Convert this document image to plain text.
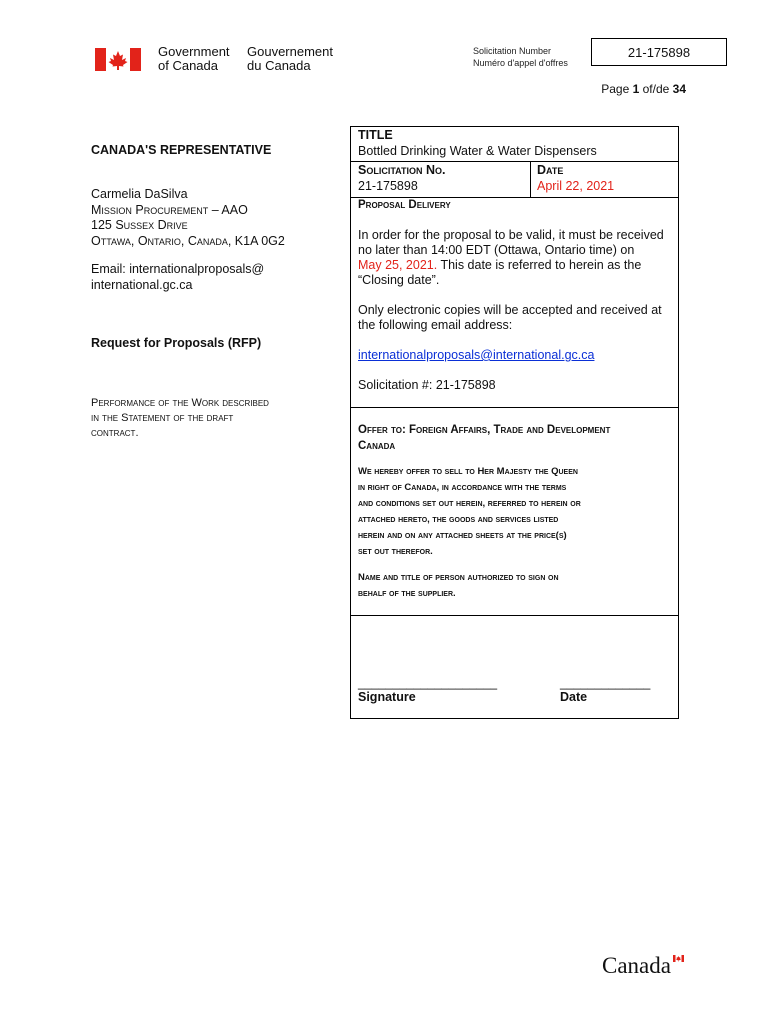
Government
of Canada
Gouvernement
du Canada
Solicitation Number
Numéro d'appel d'offres
21-175898
Page 1 of/de 34
CANADA'S REPRESENTATIVE
Carmelia DaSilva
Mission Procurement – AAO
125 Sussex Drive
Ottawa, Ontario, Canada, K1A 0G2
Email: internationalproposals@
international.gc.ca
Request for Proposals (RFP)
Performance of the Work described
in the Statement of the draft
contract.
TITLE
Bottled Drinking Water & Water Dispensers
Solicitation No.
21-175898
Date
April 22, 2021
Proposal Delivery
In order for the proposal to be valid, it must be received
no later than 14:00 EDT (Ottawa, Ontario time) on
May 25, 2021. This date is referred to herein as the
“Closing date”.
Only electronic copies will be accepted and received at
the following email address:
internationalproposals@international.gc.ca
Solicitation #: 21-175898
Offer to: Foreign Affairs, Trade and Development
Canada
We hereby offer to sell to Her Majesty the Queen
in right of Canada, in accordance with the terms
and conditions set out herein, referred to herein or
attached hereto, the goods and services listed
herein and on any attached sheets at the price(s)
set out therefor.
Name and title of person authorized to sign on
behalf of the supplier.
____________________	_____________
Signature	Date
Canada
